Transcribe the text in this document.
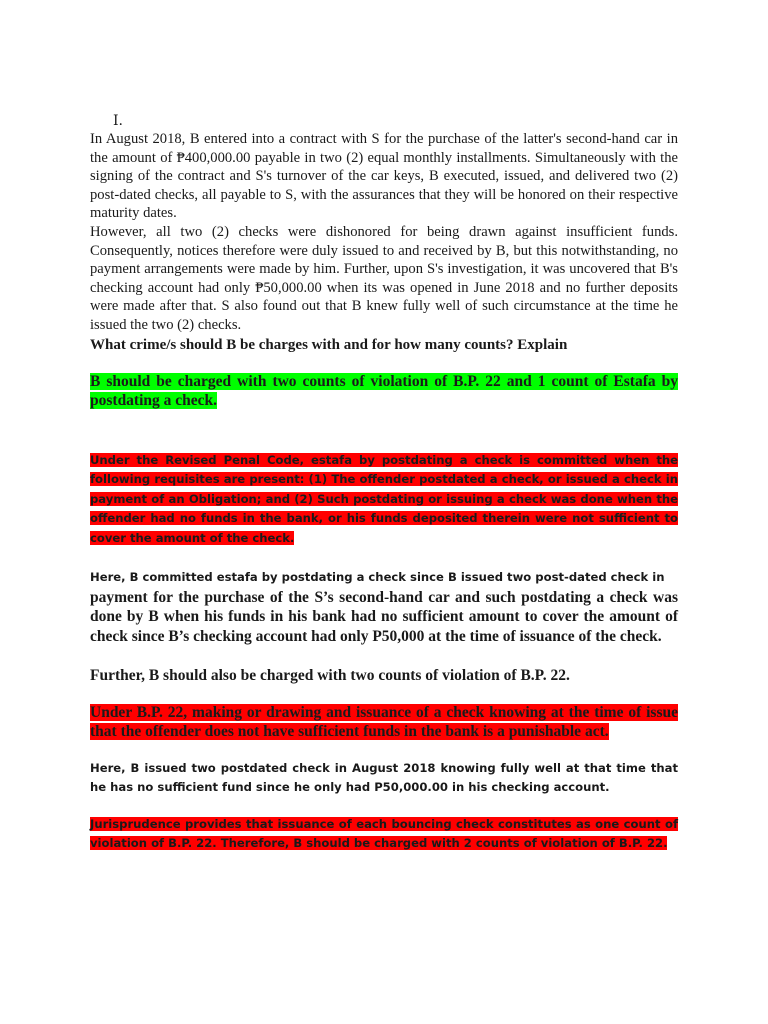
I.

In August 2018, B entered into a contract with S for the purchase of the latter's second-hand car in the amount of ₱400,000.00 payable in two (2) equal monthly installments. Simultaneously with the signing of the contract and S's turnover of the car keys, B executed, issued, and delivered two (2) post-dated checks, all payable to S, with the assurances that they will be honored on their respective maturity dates.

However, all two (2) checks were dishonored for being drawn against insufficient funds. Consequently, notices therefore were duly issued to and received by B, but this notwithstanding, no payment arrangements were made by him. Further, upon S's investigation, it was uncovered that B's checking account had only ₱50,000.00 when its was opened in June 2018 and no further deposits were made after that. S also found out that B knew fully well of such circumstance at the time he issued the two (2) checks.

What crime/s should B be charges with and for how many counts? Explain

B should be charged with two counts of violation of B.P. 22 and 1 count of Estafa by postdating a check.

Under the Revised Penal Code, estafa by postdating a check is committed when the following requisites are present: (1) The offender postdated a check, or issued a check in payment of an Obligation; and (2) Such postdating or issuing a check was done when the offender had no funds in the bank, or his funds deposited therein were not sufficient to cover the amount of the check.

Here, B committed estafa by postdating a check since B issued two post-dated check in

payment for the purchase of the S’s second-hand car and such postdating a check was done by B when his funds in his bank had no sufficient amount to cover the amount of check since B’s checking account had only P50,000 at the time of issuance of the check.

Further, B should also be charged with two counts of violation of B.P. 22.

Under B.P. 22, making or drawing and issuance of a check knowing at the time of issue that the offender does not have sufficient funds in the bank is a punishable act.

Here, B issued two postdated check in August 2018 knowing fully well at that time that he has no sufficient fund since he only had P50,000.00 in his checking account.

Jurisprudence provides that issuance of each bouncing check constitutes as one count of violation of B.P. 22. Therefore, B should be charged with 2 counts of violation of B.P. 22.
